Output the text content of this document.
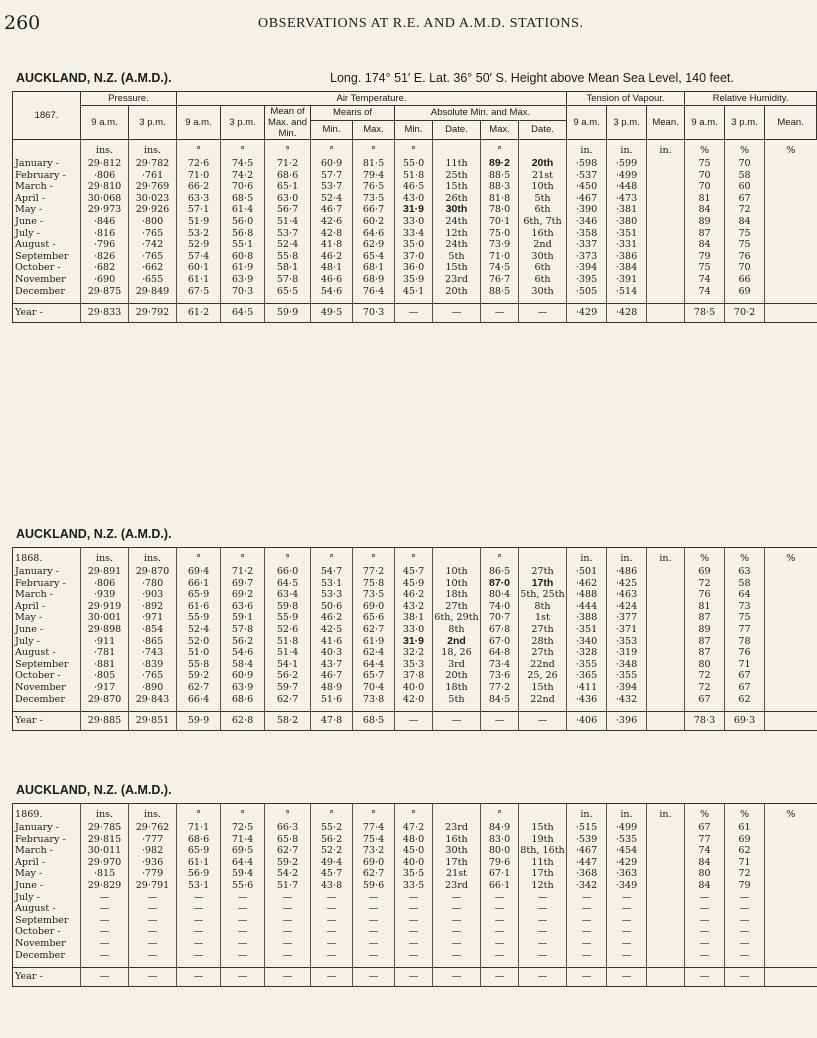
260	OBSERVATIONS AT R.E. AND A.M.D. STATIONS.
AUCKLAND, N.Z. (A.M.D.).	Long. 174° 51′ E. Lat. 36° 50′ S. Height above Mean Sea Level, 140 feet.
1867.	Pressure.		Air Temperature.									Tension of Vapour.			Relative Humidity.		
	9 a.m.	3 p.m.	9 a.m.	3 p.m.	Mean of Max. and Min.	Means of		Absolute Min. and Max.				9 a.m.	3 p.m.	Mean.	9 a.m.	3 p.m.	Mean.
						Min.	Max.	Min.	Date.	Max.	Date.						
	ins.	ins.	°	°	°	°	°	°		°		in.	in.	in.	%	%	%
January -	29·812	29·782	72·6	74·5	71·2	60·9	81·5	55·0	11th	89·2	20th	·598	·599		75	70	
February -	·806	·761	71·0	74·2	68·6	57·7	79·4	51·8	25th	88·5	21st	·537	·499		70	58	
March -	29·810	29·769	66·2	70·6	65·1	53·7	76·5	46·5	15th	88·3	10th	·450	·448		70	60	
April -	30·068	30·023	63·3	68·5	63·0	52·4	73·5	43·0	26th	81·8	5th	·467	·473		81	67	
May -	29·973	29·926	57·1	61·4	56·7	46·7	66·7	31·9	30th	78·0	6th	·390	·381		84	72	
June -	·846	·800	51·9	56·0	51·4	42·6	60·2	33·0	24th	70·1	6th, 7th	·346	·380		89	84	
July -	·816	·765	53·2	56·8	53·7	42·8	64·6	33·4	12th	75·0	16th	·358	·351		87	75	
August -	·796	·742	52·9	55·1	52·4	41·8	62·9	35·0	24th	73·9	2nd	·337	·331		84	75	
September	·826	·765	57·4	60·8	55·8	46·2	65·4	37·0	5th	71·0	30th	·373	·386		79	76	
October -	·682	·662	60·1	61·9	58·1	48·1	68·1	36·0	15th	74·5	6th	·394	·384		75	70	
November	·690	·655	61·1	63·9	57·8	46·6	68·9	35·9	23rd	76·7	6th	·395	·391		74	66	
December	29·875	29·849	67·5	70·3	65·5	54·6	76·4	45·1	20th	88·5	30th	·505	·514		74	69	

Year -	29·833	29·792	61·2	64·5	59·9	49·5	70·3	—	—	—	—	·429	·428		78·5	70·2	
AUCKLAND, N.Z. (A.M.D.).
1868.	ins.	ins.	°	°	°	°	°	°		°		in.	in.	in.	%	%	%
January -	29·891	29·870	69·4	71·2	66·0	54·7	77·2	45·7	10th	86·5	27th	·501	·486		69	63	
February -	·806	·780	66·1	69·7	64·5	53·1	75·8	45·9	10th	87·0	17th	·462	·425		72	58	
March -	·939	·903	65·9	69·2	63·4	53·3	73·5	46·2	18th	80·4	5th, 25th	·488	·463		76	64	
April -	29·919	·892	61·6	63·6	59·8	50·6	69·0	43·2	27th	74·0	8th	·444	·424		81	73	
May -	30·001	·971	55·9	59·1	55·9	46·2	65·6	38·1	6th, 29th	70·7	1st	·388	·377		87	75	
June -	29·898	·854	52·4	57·8	52·6	42·5	62·7	33·0	8th	67·8	27th	·351	·371		89	77	
July -	·911	·865	52·0	56·2	51·8	41·6	61·9	31·9	2nd	67·0	28th	·340	·353		87	78	
August -	·781	·743	51·0	54·6	51·4	40·3	62·4	32·2	18, 26	64·8	27th	·328	·319		87	76	
September	·881	·839	55·8	58·4	54·1	43·7	64·4	35·3	3rd	73·4	22nd	·355	·348		80	71	
October -	·805	·765	59·2	60·9	56·2	46·7	65·7	37·8	20th	73·6	25, 26	·365	·355		72	67	
November	·917	·890	62·7	63·9	59·7	48·9	70·4	40·0	18th	77·2	15th	·411	·394		72	67	
December	29·870	29·843	66·4	68·6	62·7	51·6	73·8	42·0	5th	84·5	22nd	·436	·432		67	62	

Year -	29·885	29·851	59·9	62·8	58·2	47·8	68·5	—	—	—	—	·406	·396		78·3	69·3	
AUCKLAND, N.Z. (A.M.D.).
1869.	ins.	ins.	°	°	°	°	°	°		°		in.	in.	in.	%	%	%
January -	29·785	29·762	71·1	72·5	66·3	55·2	77·4	47·2	23rd	84·9	15th	·515	·499		67	61	
February -	29·815	·777	68·6	71·4	65·8	56·2	75·4	48·0	16th	83·0	19th	·539	·535		77	69	
March -	30·011	·982	65·9	69·5	62·7	52·2	73·2	45·0	30th	80·0	8th, 16th	·467	·454		74	62	
April -	29·970	·936	61·1	64·4	59·2	49·4	69·0	40·0	17th	79·6	11th	·447	·429		84	71	
May -	·815	·779	56·9	59·4	54·2	45·7	62·7	35·5	21st	67·1	17th	·368	·363		80	72	
June -	29·829	29·791	53·1	55·6	51·7	43·8	59·6	33·5	23rd	66·1	12th	·342	·349		84	79	
July -	—	—	—	—	—	—	—	—	—	—	—	—	—		—	—	
August -	—	—	—	—	—	—	—	—	—	—	—	—	—		—	—	
September	—	—	—	—	—	—	—	—	—	—	—	—	—		—	—	
October -	—	—	—	—	—	—	—	—	—	—	—	—	—		—	—	
November	—	—	—	—	—	—	—	—	—	—	—	—	—		—	—	
December	—	—	—	—	—	—	—	—	—	—	—	—	—		—	—	

Year -	—	—	—	—	—	—	—	—	—	—	—	—	—		—	—	
